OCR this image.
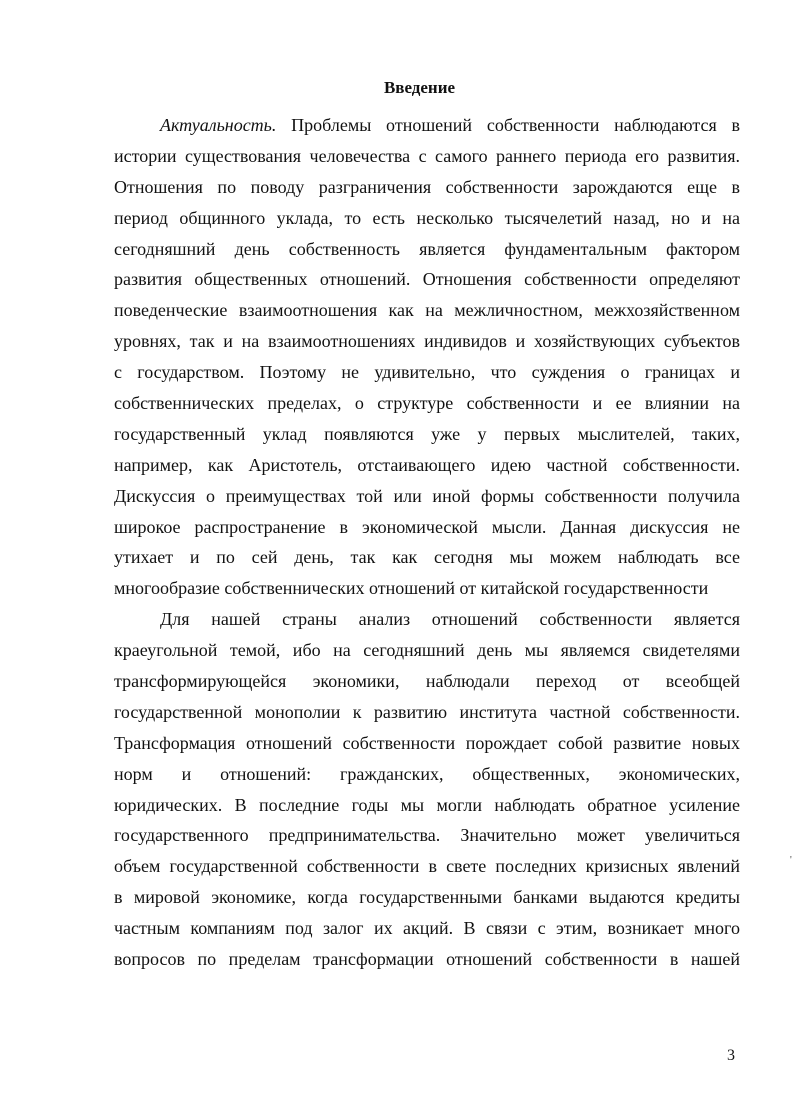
Введение
Актуальность. Проблемы отношений собственности наблюдаются в
истории существования человечества с самого раннего периода его развития.
Отношения по поводу разграничения собственности зарождаются еще в
период общинного уклада, то есть несколько тысячелетий назад, но и на
сегодняшний день собственность является фундаментальным фактором
развития общественных отношений. Отношения собственности определяют
поведенческие взаимоотношения как на межличностном, межхозяйственном
уровнях, так и на взаимоотношениях индивидов и хозяйствующих субъектов
с государством. Поэтому не удивительно, что суждения о границах и
собственнических пределах, о структуре собственности и ее влиянии на
государственный уклад появляются уже у первых мыслителей, таких,
например, как Аристотель, отстаивающего идею частной собственности.
Дискуссия о преимуществах той или иной формы собственности получила
широкое распространение в экономической мысли. Данная дискуссия не
утихает и по сей день, так как сегодня мы можем наблюдать все
многообразие собственнических отношений от китайской государственности
Для нашей страны анализ отношений собственности является
краеугольной темой, ибо на сегодняшний день мы являемся свидетелями
трансформирующейся экономики, наблюдали переход от всеобщей
государственной монополии к развитию института частной собственности.
Трансформация отношений собственности порождает собой развитие новых
норм и отношений: гражданских, общественных, экономических,
юридических. В последние годы мы могли наблюдать обратное усиление
государственного предпринимательства. Значительно может увеличиться
объем государственной собственности в свете последних кризисных явлений
в мировой экономике, когда государственными банками выдаются кредиты
частным компаниям под залог их акций. В связи с этим, возникает много
вопросов по пределам трансформации отношений собственности в нашей
'
3
